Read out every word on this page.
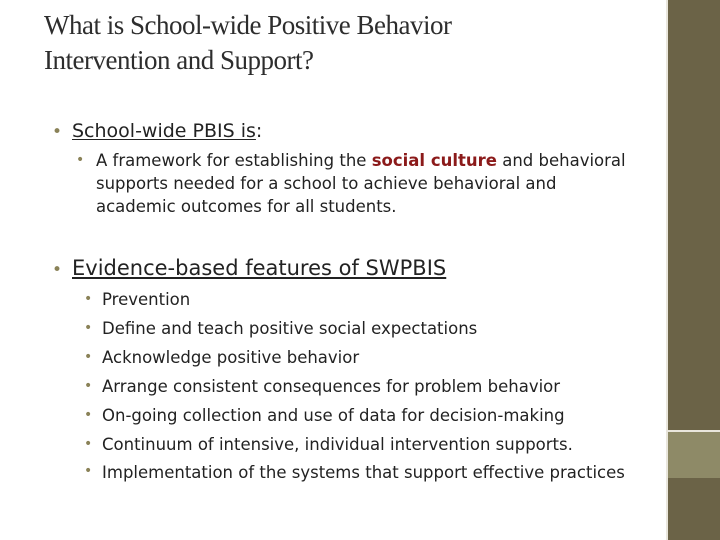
What is School-wide Positive Behavior
Intervention and Support?
• School-wide PBIS is:
• A framework for establishing the social culture and behavioral supports needed for a school to achieve behavioral and academic outcomes for all students.
• Evidence-based features of SWPBIS
• Prevention
• Define and teach positive social expectations
• Acknowledge positive behavior
• Arrange consistent consequences for problem behavior
• On-going collection and use of data for decision-making
• Continuum of intensive, individual intervention supports.
• Implementation of the systems that support effective practices
